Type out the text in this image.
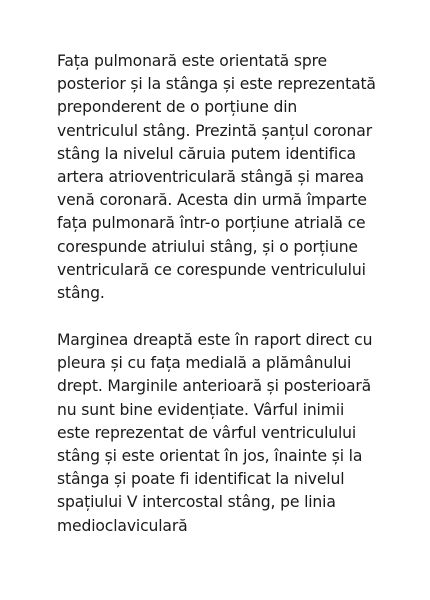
Fața pulmonară este orientată spre
posterior și la stânga și este reprezentată
preponderent de o porțiune din
ventriculul stâng. Prezintă șanțul coronar
stâng la nivelul căruia putem identifica
artera atrioventriculară stângă și marea
venă coronară. Acesta din urmă împarte
fața pulmonară într-o porțiune atrială ce
corespunde atriului stâng, și o porțiune
ventriculară ce corespunde ventriculului
stâng.
Marginea dreaptă este în raport direct cu
pleura și cu fața medială a plămânului
drept. Marginile anterioară și posterioară
nu sunt bine evidențiate. Vârful inimii
este reprezentat de vârful ventriculului
stâng și este orientat în jos, înainte și la
stânga și poate fi identificat la nivelul
spațiului V intercostal stâng, pe linia
medioclaviculară
